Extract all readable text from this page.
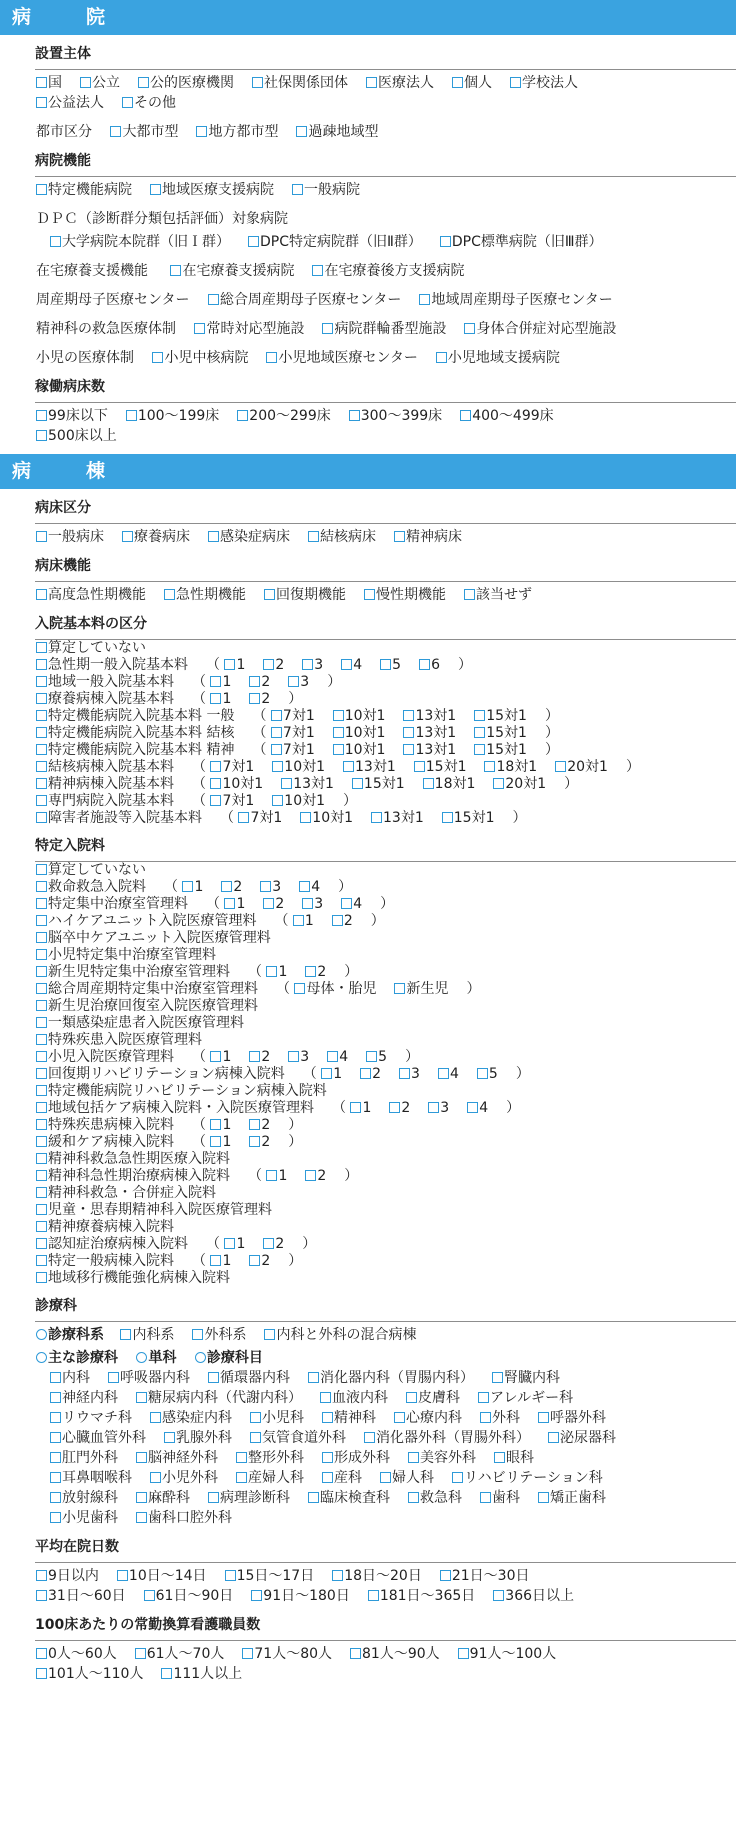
病　院
設置主体
国 公立 公的医療機関 社保関係団体 医療法人 個人 学校法人
公益法人 その他
都市区分 大都市型 地方都市型 過疎地域型
病院機能
特定機能病院 地域医療支援病院 一般病院
ＤＰＣ（診断群分類包括評価）対象病院
大学病院本院群（旧Ｉ群） DPC特定病院群（旧Ⅱ群） DPC標準病院（旧Ⅲ群）
在宅療養支援機能 在宅療養支援病院 在宅療養後方支援病院
周産期母子医療センター 総合周産期母子医療センター 地域周産期母子医療センター
精神科の救急医療体制 常時対応型施設 病院群輪番型施設 身体合併症対応型施設
小児の医療体制 小児中核病院 小児地域医療センター 小児地域支援病院
稼働病床数
99床以下 100～199床 200～299床 300～399床 400～499床
500床以上
病　棟
病床区分
一般病床 療養病床 感染症病床 結核病床 精神病床
病床機能
高度急性期機能 急性期機能 回復期機能 慢性期機能 該当せず
入院基本料の区分
算定していない
急性期一般入院基本料 （ 1 2 3 4 5 6 ）
地域一般入院基本料 （ 1 2 3 ）
療養病棟入院基本料 （ 1 2 ）
特定機能病院入院基本料 一般 （ 7対1 10対1 13対1 15対1 ）
特定機能病院入院基本料 結核 （ 7対1 10対1 13対1 15対1 ）
特定機能病院入院基本料 精神 （ 7対1 10対1 13対1 15対1 ）
結核病棟入院基本料 （ 7対1 10対1 13対1 15対1 18対1 20対1 ）
精神病棟入院基本料 （ 10対1 13対1 15対1 18対1 20対1 ）
専門病院入院基本料 （ 7対1 10対1 ）
障害者施設等入院基本料 （ 7対1 10対1 13対1 15対1 ）
特定入院料
算定していない
救命救急入院料 （ 1 2 3 4 ）
特定集中治療室管理料 （ 1 2 3 4 ）
ハイケアユニット入院医療管理料 （ 1 2 ）
脳卒中ケアユニット入院医療管理料
小児特定集中治療室管理料
新生児特定集中治療室管理料 （ 1 2 ）
総合周産期特定集中治療室管理料 （ 母体・胎児 新生児 ）
新生児治療回復室入院医療管理料
一類感染症患者入院医療管理料
特殊疾患入院医療管理料
小児入院医療管理料 （ 1 2 3 4 5 ）
回復期リハビリテーション病棟入院料 （ 1 2 3 4 5 ）
特定機能病院リハビリテーション病棟入院料
地域包括ケア病棟入院料・入院医療管理料 （ 1 2 3 4 ）
特殊疾患病棟入院料 （ 1 2 ）
緩和ケア病棟入院料 （ 1 2 ）
精神科救急急性期医療入院料
精神科急性期治療病棟入院料 （ 1 2 ）
精神科救急・合併症入院料
児童・思春期精神科入院医療管理料
精神療養病棟入院料
認知症治療病棟入院料 （ 1 2 ）
特定一般病棟入院料 （ 1 2 ）
地域移行機能強化病棟入院料
診療科
診療科系 内科系 外科系 内科と外科の混合病棟
主な診療科 単科 診療科目
内科 呼吸器内科 循環器内科 消化器内科（胃腸内科） 腎臓内科
神経内科 糖尿病内科（代謝内科） 血液内科 皮膚科 アレルギー科
リウマチ科 感染症内科 小児科 精神科 心療内科 外科 呼器外科
心臓血管外科 乳腺外科 気管食道外科 消化器外科（胃腸外科） 泌尿器科
肛門外科 脳神経外科 整形外科 形成外科 美容外科 眼科
耳鼻咽喉科 小児外科 産婦人科 産科 婦人科 リハビリテーション科
放射線科 麻酔科 病理診断科 臨床検査科 救急科 歯科 矯正歯科
小児歯科 歯科口腔外科
平均在院日数
9日以内 10日～14日 15日～17日 18日～20日 21日～30日
31日～60日 61日～90日 91日～180日 181日～365日 366日以上
100床あたりの常勤換算看護職員数
0人～60人 61人～70人 71人～80人 81人～90人 91人～100人
101人～110人 111人以上
